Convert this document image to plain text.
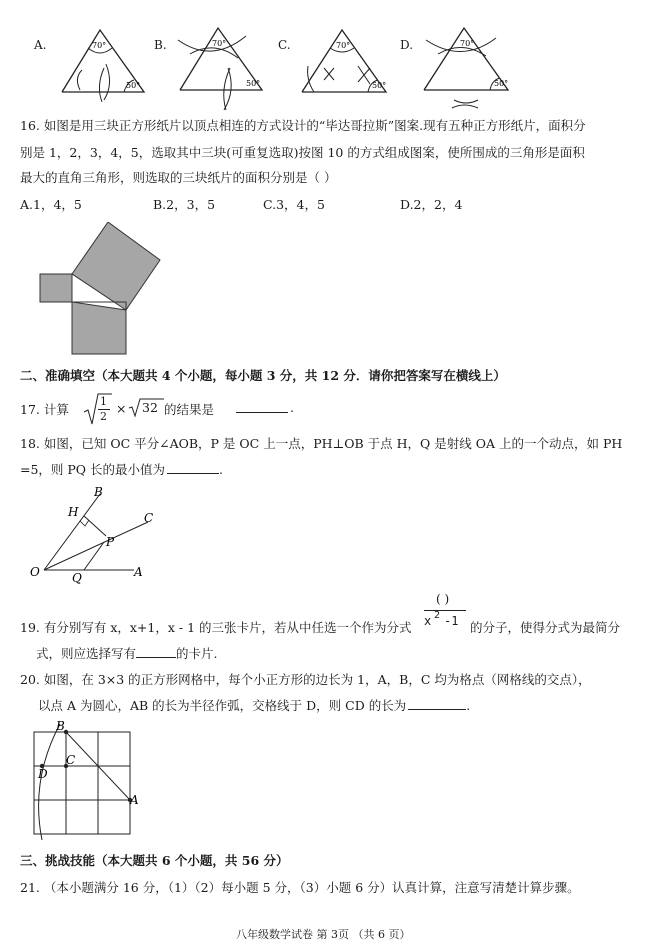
A.	70°
50°
B.	70°
50°
C.	70°
50°
D.	70°
50°
16. 如图是用三块正方形纸片以顶点相连的方式设计的“毕达哥拉斯”图案.现有五种正方形纸片，面积分
别是 1，2，3，4，5，选取其中三块(可重复选取)按图 10 的方式组成图案，使所围成的三角形是面积
最大的直角三角形，则选取的三块纸片的面积分别是（ ）
A.1，4，5	B.2，3，5	C.3，4，5	D.2，2，4
二、准确填空（本大题共 4 个小题，每小题 3 分，共 12 分．请你把答案写在横线上）
17. 计算
1
2
× 32 的结果是	.
18. 如图，已知 OC 平分∠AOB，P 是 OC 上一点，PH⊥OB 于点 H，Q 是射线 OA 上的一个动点，如 PH
=5，则 PQ 长的最小值为	.
B
H	C
P
O	Q	A
19. 有分别写有 x，x+1，x - 1 的三张卡片，若从中任选一个作为分式
( )
x 2 -1 的分子，使得分式为最简分
式，则应选择写有	的卡片.
20. 如图，在 3×3 的正方形网格中，每个小正方形的边长为 1，A，B，C 均为格点（网格线的交点），
以点 A 为圆心，AB 的长为半径作弧，交格线于 D，则 CD 的长为	.
B
C
D
A
三、挑战技能（本大题共 6 个小题，共 56 分）
21. （本小题满分 16 分，（1）（2）每小题 5 分，（3）小题 6 分）认真计算，注意写清楚计算步骤。
八年级数学试卷 第 3页 （共 6 页）
